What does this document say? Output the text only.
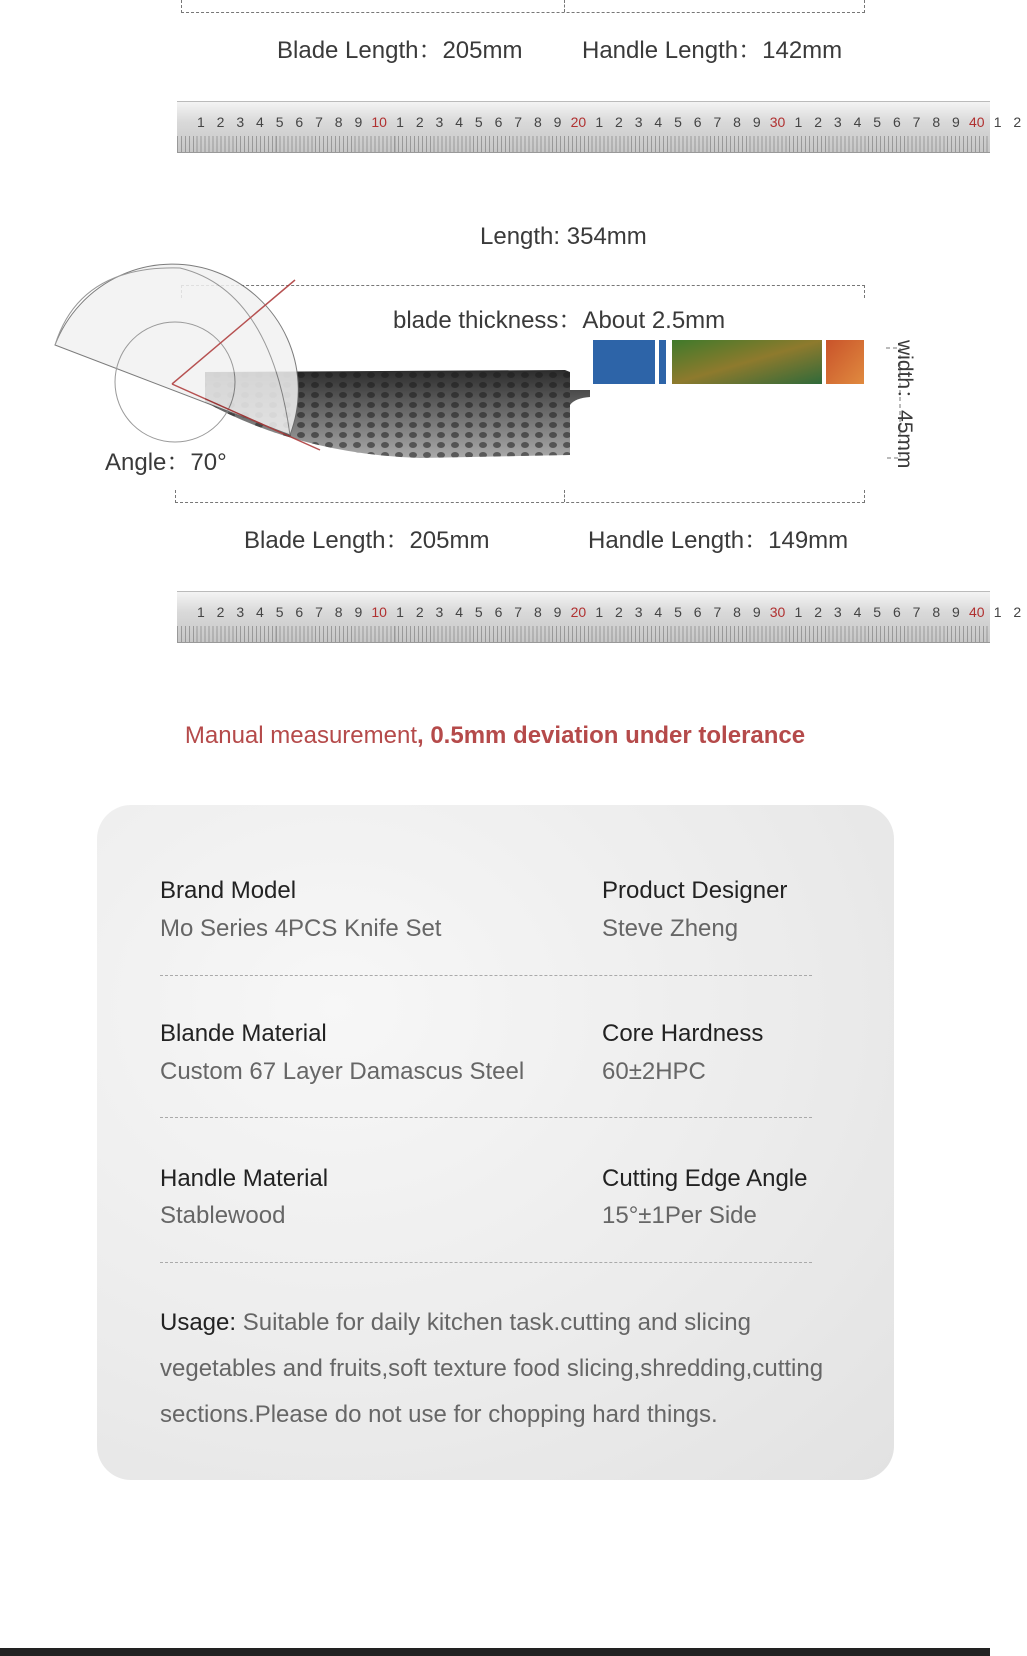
Blade Length：205mm Handle Length：142mm
1 2 3 4 5 6 7 8 9 10 1 2 3 4 5 6 7 8 9 20 1 2 3 4 5 6 7 8 9 30 1 2 3 4 5 6 7 8 9 40 1 2
Length: 354mm
blade thickness：About 2.5mm
width：45mm
Angle：70°
Blade Length：205mm	Handle Length：149mm
1 2 3 4 5 6 7 8 9 10 1 2 3 4 5 6 7 8 9 20 1 2 3 4 5 6 7 8 9 30 1 2 3 4 5 6 7 8 9 40 1 2
Manual measurement, 0.5mm deviation under tolerance
Brand Model
Mo Series 4PCS Knife Set
Product Designer
Steve Zheng
Blande Material
Custom 67 Layer Damascus Steel
Core Hardness
60±2HPC
Handle Material
Stablewood
Cutting Edge Angle
15°±1Per Side
Usage: Suitable for daily kitchen task.cutting and slicing vegetables and fruits,soft texture food slicing,shredding,cutting sections.Please do not use for chopping hard things.
